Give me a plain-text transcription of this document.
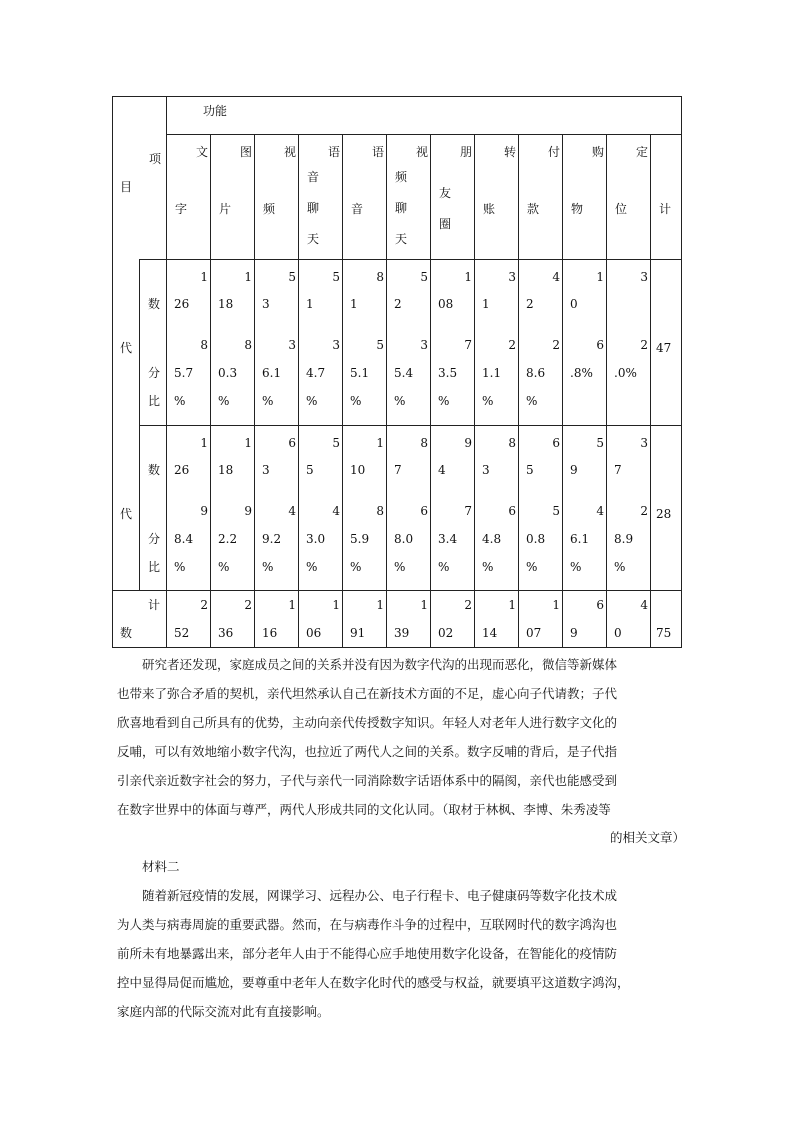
功能
项
目
文
字
图
片
视
频
语
音
聊
天
语
音
视
频
聊
天
朋
友
圈
转
账
付
款
购
物
定
位	计
代
数
分
比
47
1
26
1
18
5
3
5
1
8
1
5
2
1
08
3
1
4
2
1
0
3
8
5.7
%
8
0.3
%
3
6.1
%
3
4.7
%
5
5.1
%
3
5.4
%
7
3.5
%
2
1.1
%
2
8.6
%
6
.8%
2
.0%
代
数
分
比
28
1
26
1
18
6
3
5
5
1
10
8
7
9
4
8
3
6
5
5
9
3
7
9
8.4
%
9
2.2
%
4
9.2
%
4
3.0
%
8
5.9
%
6
8.0
%
7
3.4
%
6
4.8
%
5
0.8
%
4
6.1
%
2
8.9
%
计
数	75
2
52
2
36
1
16
1
06
1
91
1
39
2
02
1
14
1
07
6
9
4
0

研究者还发现，家庭成员之间的关系并没有因为数字代沟的出现而恶化，微信等新媒体

也带来了弥合矛盾的契机，亲代坦然承认自己在新技术方面的不足，虚心向子代请教；子代

欣喜地看到自己所具有的优势，主动向亲代传授数字知识。年轻人对老年人进行数字文化的

反哺，可以有效地缩小数字代沟，也拉近了两代人之间的关系。数字反哺的背后，是子代指

引亲代亲近数字社会的努力，子代与亲代一同消除数字话语体系中的隔阂，亲代也能感受到

在数字世界中的体面与尊严，两代人形成共同的文化认同。（取材于林枫、李博、朱秀凌等

的相关文章）

材料二

随着新冠疫情的发展，网课学习、远程办公、电子行程卡、电子健康码等数字化技术成

为人类与病毒周旋的重要武器。然而，在与病毒作斗争的过程中，互联网时代的数字鸿沟也

前所未有地暴露出来，部分老年人由于不能得心应手地使用数字化设备，在智能化的疫情防

控中显得局促而尴尬，要尊重中老年人在数字化时代的感受与权益，就要填平这道数字鸿沟，

家庭内部的代际交流对此有直接影响。
